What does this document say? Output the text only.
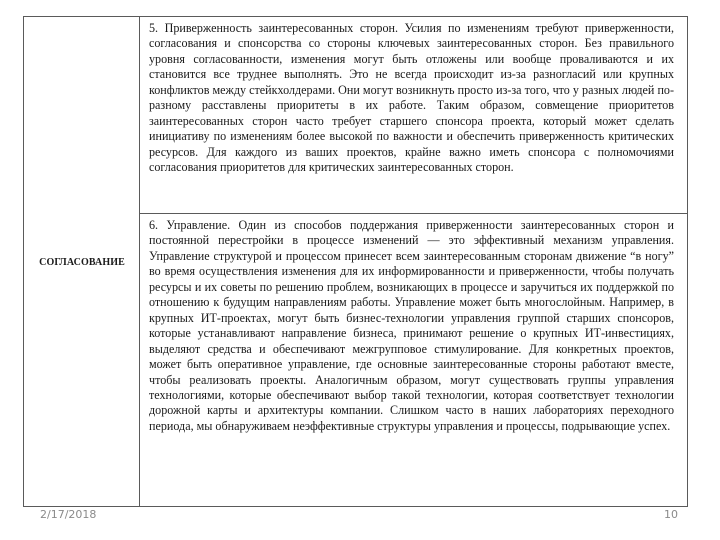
СОГЛАСОВАНИЕ
5. Приверженность заинтересованных сторон. Усилия по изменениям требуют приверженности, согласования и спонсорства со стороны ключевых заинтересованных сторон. Без правильного уровня согласованности, изменения могут быть отложены или вообще проваливаются и их становится все труднее выполнять. Это не всегда происходит из-за разногласий или крупных конфликтов между стейкхолдерами. Они могут возникнуть просто из-за того, что у разных людей по-разному расставлены приоритеты в их работе. Таким образом, совмещение приоритетов заинтересованных сторон часто требует старшего спонсора проекта, который может сделать инициативу по изменениям более высокой по важности и обеспечить приверженность критических ресурсов. Для каждого из ваших проектов, крайне важно иметь спонсора с полномочиями согласования приоритетов для критических заинтересованных сторон.
6. Управление. Один из способов поддержания приверженности заинтересованных сторон и постоянной перестройки в процессе изменений — это эффективный механизм управления. Управление структурой и процессом принесет всем заинтересованным сторонам движение “в ногу” во время осуществления изменения для их информированности и приверженности, чтобы получать ресурсы и их советы по решению проблем, возникающих в процессе и заручиться их поддержкой по отношению к будущим направлениям работы. Управление может быть многослойным. Например, в крупных ИТ-проектах, могут быть бизнес-технологии управления группой старших спонсоров, которые устанавливают направление бизнеса, принимают решение о крупных ИТ-инвестициях, выделяют средства и обеспечивают межгрупповое стимулирование. Для конкретных проектов, может быть оперативное управление, где основные заинтересованные стороны работают вместе, чтобы реализовать проекты. Аналогичным образом, могут существовать группы управления технологиями, которые обеспечивают выбор такой технологии, которая соответствует технологии дорожной карты и архитектуры компании. Слишком часто в наших лабораториях переходного периода, мы обнаруживаем неэффективные структуры управления и процессы, подрывающие успех.
2/17/2018	10
